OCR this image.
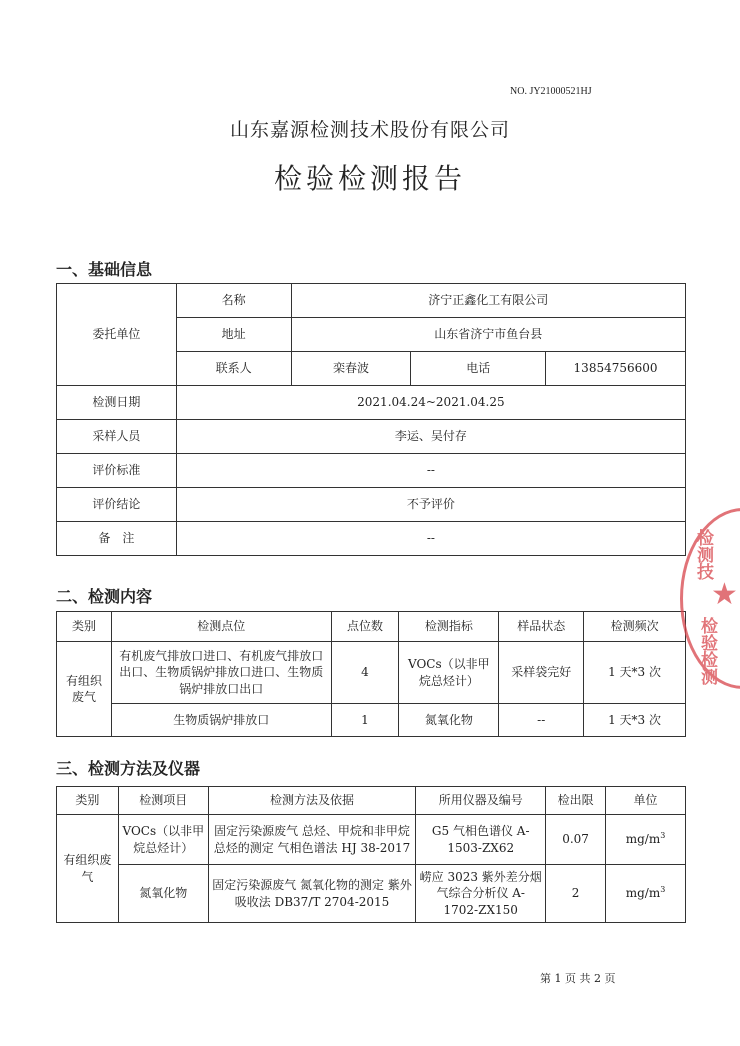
NO. JY21000521HJ
山东嘉源检测技术股份有限公司
检验检测报告
一、基础信息
委托单位	名称	济宁正鑫化工有限公司		
	地址	山东省济宁市鱼台县		
	联系人	栾春波	电话	13854756600
检测日期	2021.04.24~2021.04.25			
采样人员	李运、吴付存			
评价标准	--			
评价结论	不予评价			
备　注	--			
二、检测内容
类别	检测点位	点位数	检测指标	样品状态	检测频次
有组织废气	有机废气排放口进口、有机废气排放口出口、生物质锅炉排放口进口、生物质锅炉排放口出口	4	VOCs（以非甲烷总烃计）	采样袋完好	1 天*3 次
	生物质锅炉排放口	1	氮氧化物	--	1 天*3 次
三、检测方法及仪器
类别	检测项目	检测方法及依据	所用仪器及编号	检出限	单位
有组织废气	VOCs（以非甲烷总烃计）	固定污染源废气 总烃、甲烷和非甲烷总烃的测定 气相色谱法 HJ 38-2017	G5 气相色谱仪 A-1503-ZX62	0.07	$mg/m^3$
	氮氧化物	固定污染源废气 氮氧化物的测定 紫外吸收法 DB37/T 2704-2015	崂应 3023 紫外差分烟气综合分析仪 A-1702-ZX150	2	$mg/m^3$
检测技
★
检验检测
第 1 页 共 2 页
